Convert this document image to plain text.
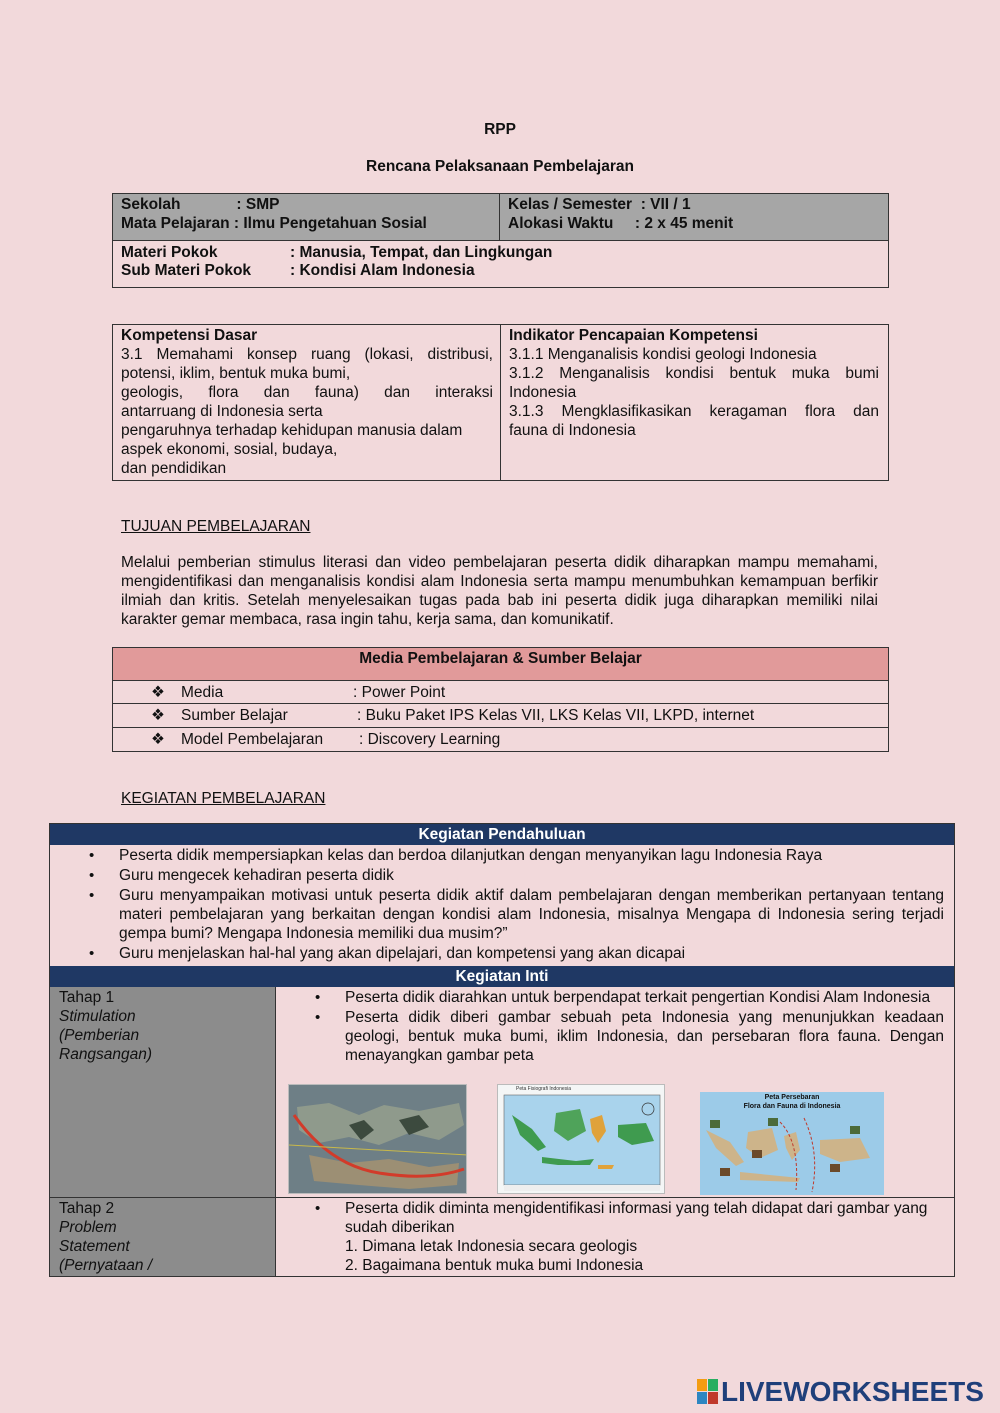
RPP
Rencana Pelaksanaan Pembelajaran
Sekolah             : SMP
Mata Pelajaran : Ilmu Pengetahuan Sosial
Kelas / Semester  : VII / 1
Alokasi Waktu     : 2 x 45 menit
Materi Pokok	: Manusia, Tempat, dan Lingkungan
Sub Materi Pokok	: Kondisi Alam Indonesia
Kompetensi Dasar
3.1 Memahami konsep ruang (lokasi, distribusi,
potensi, iklim, bentuk muka bumi,
geologis, flora dan fauna) dan interaksi
antarruang di Indonesia serta
pengaruhnya terhadap kehidupan manusia dalam
aspek ekonomi, sosial, budaya,
dan pendidikan
Indikator Pencapaian Kompetensi
3.1.1 Menganalisis kondisi geologi Indonesia
3.1.2 Menganalisis kondisi bentuk muka bumi
Indonesia
3.1.3 Mengklasifikasikan keragaman flora dan
fauna di Indonesia
TUJUAN PEMBELAJARAN
Melalui pemberian stimulus literasi dan video pembelajaran peserta didik diharapkan mampu memahami, mengidentifikasi dan menganalisis kondisi alam Indonesia serta mampu menumbuhkan kemampuan berfikir ilmiah dan kritis. Setelah menyelesaikan tugas pada bab ini peserta didik juga diharapkan memiliki nilai karakter gemar membaca, rasa ingin tahu, kerja sama, dan komunikatif.
Media Pembelajaran & Sumber Belajar
❖ Media	: Power Point
❖ Sumber Belajar	: Buku Paket IPS Kelas VII, LKS Kelas VII, LKPD, internet
❖ Model Pembelajaran : Discovery Learning
KEGIATAN PEMBELAJARAN
Kegiatan Pendahuluan
• Peserta didik mempersiapkan kelas dan berdoa dilanjutkan dengan menyanyikan lagu Indonesia Raya
• Guru mengecek kehadiran peserta didik
• Guru menyampaikan motivasi untuk peserta didik aktif dalam pembelajaran dengan memberikan pertanyaan tentang materi pembelajaran yang berkaitan dengan kondisi alam Indonesia, misalnya Mengapa di Indonesia sering terjadi gempa bumi? Mengapa Indonesia memiliki dua musim?”
• Guru menjelaskan hal-hal yang akan dipelajari, dan kompetensi yang akan dicapai
Kegiatan Inti
Tahap 1
Stimulation
(Pemberian
Rangsangan)
• Peserta didik diarahkan untuk berpendapat terkait pengertian Kondisi Alam Indonesia
• Peserta didik diberi gambar sebuah peta Indonesia yang menunjukkan keadaan geologi, bentuk muka bumi, iklim Indonesia, dan persebaran flora fauna. Dengan menayangkan gambar peta
Peta Fisiografi Indonesia
Peta Persebaran
Flora dan Fauna di Indonesia
Tahap 2
Problem
Statement
(Pernyataan /
• Peserta didik diminta mengidentifikasi informasi yang telah didapat dari gambar yang sudah diberikan
1. Dimana letak Indonesia secara geologis
2. Bagaimana bentuk muka bumi Indonesia
LIVEWORKSHEETS
